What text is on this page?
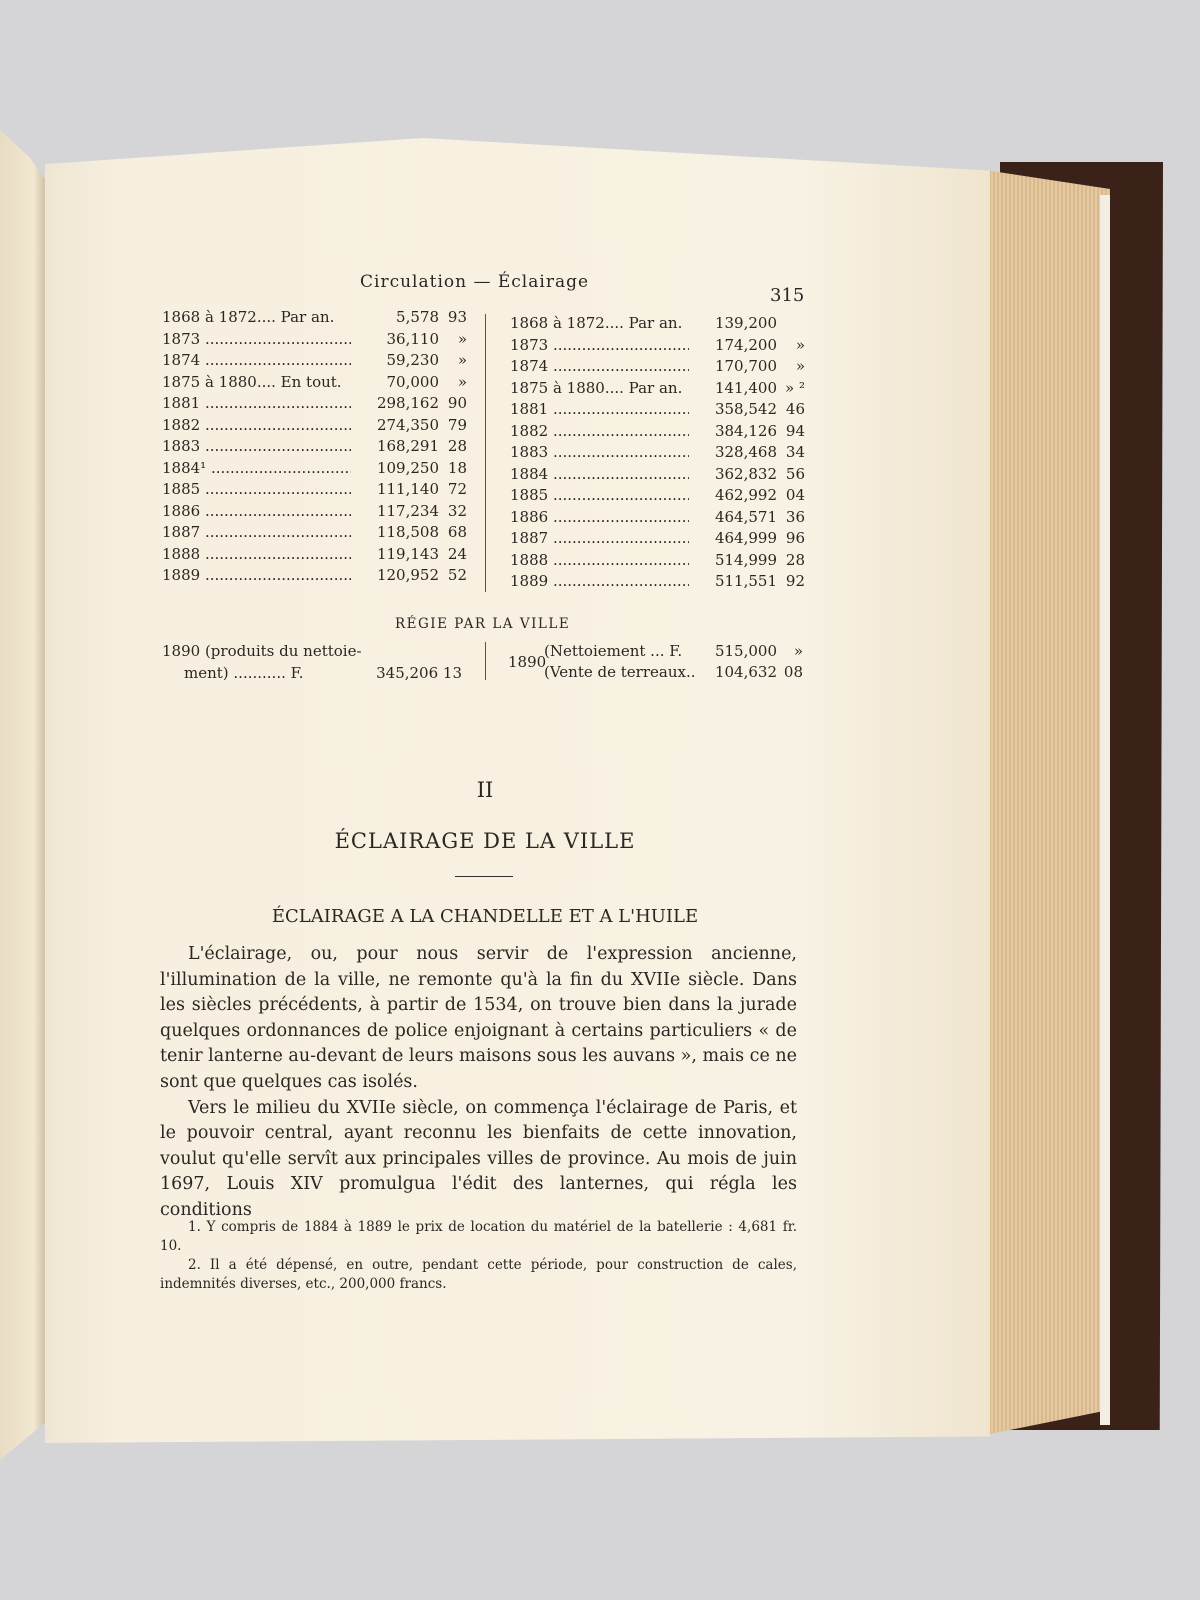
Circulation — Éclairage
315
1868 à 1872.... Par an.	5,578 93
1873 .....	36,110	»
1874 .....	59,230	»
1875 à 1880.... En tout.	70,000	»
1881 .....	298,162 90
1882 .....	274,350 79
1883 .....	168,291 28
1884¹ .....	109,250 18
1885 .....	111,140 72
1886 .....	117,234 32
1887 .....	118,508 68
1888 .....	119,143 24
1889 .....	120,952 52
1868 à 1872.... Par an.	139,200
1873 .....	174,200	»
1874 .....	170,700	»
1875 à 1880.... Par an.	141,400 » ²
1881 .....	358,542 46
1882 .....	384,126 94
1883 .....	328,468 34
1884 .....	362,832 56
1885 .....	462,992 04
1886 .....	464,571 36
1887 .....	464,999 96
1888 .....	514,999 28
1889 .....	511,551 92
RÉGIE PAR LA VILLE
1890 (produits du nettoie-
ment) ........... F.	345,206 13
1890
(Nettoiement ... F.	515,000	»
(Vente de terreaux..	104,632 08
II
ÉCLAIRAGE DE LA VILLE
ÉCLAIRAGE A LA CHANDELLE ET A L'HUILE

L'éclairage, ou, pour nous servir de l'expression ancienne, l'illumination de la ville, ne remonte qu'à la fin du XVIIe siècle. Dans les siècles précédents, à partir de 1534, on trouve bien dans la jurade quelques ordonnances de police enjoignant à certains particuliers « de tenir lanterne au-devant de leurs maisons sous les auvans », mais ce ne sont que quelques cas isolés.

Vers le milieu du XVIIe siècle, on commença l'éclairage de Paris, et le pouvoir central, ayant reconnu les bienfaits de cette innovation, voulut qu'elle servît aux principales villes de province. Au mois de juin 1697, Louis XIV promulgua l'édit des lanternes, qui régla les conditions

1. Y compris de 1884 à 1889 le prix de location du matériel de la batellerie : 4,681 fr. 10.

2. Il a été dépensé, en outre, pendant cette période, pour construction de cales, indemnités diverses, etc., 200,000 francs.
